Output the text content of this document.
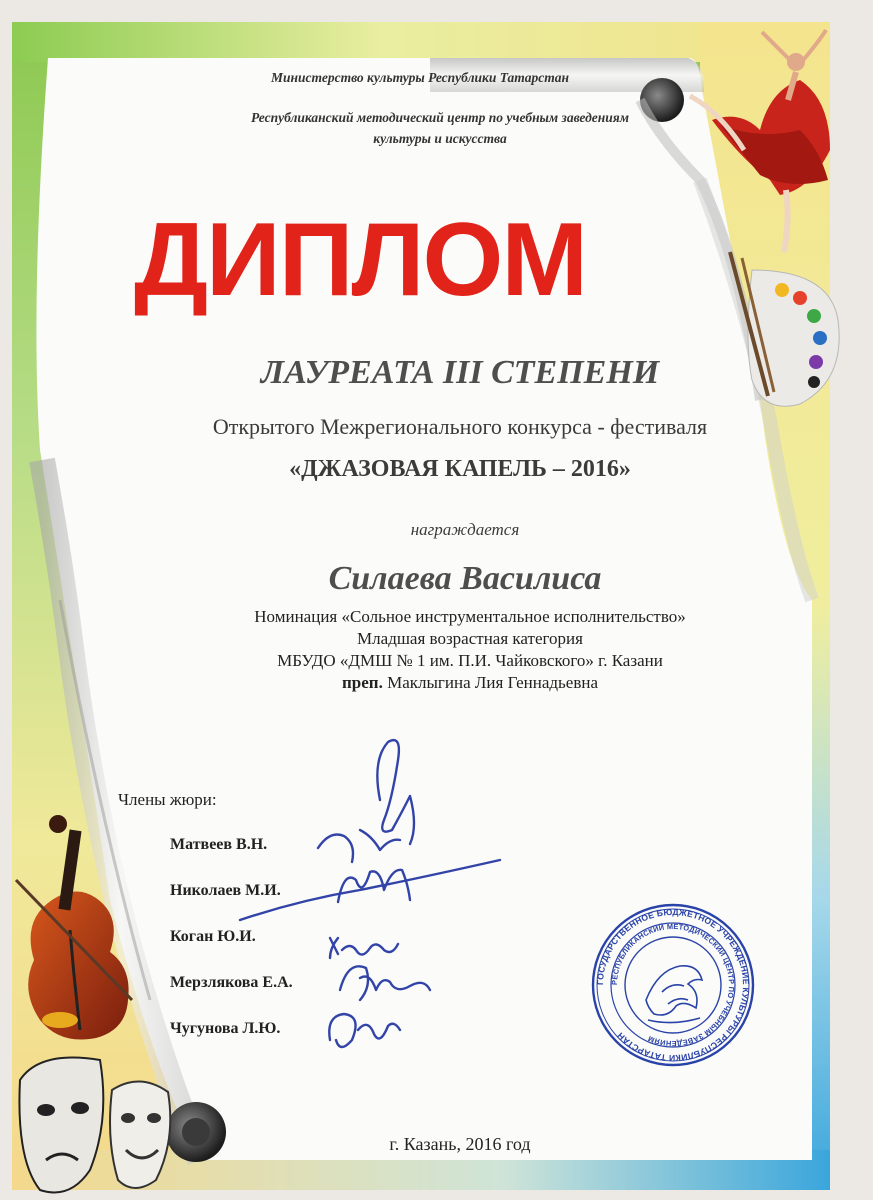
Министерство культуры Республики Татарстан
Республиканский методический центр по учебным заведениям
культуры и искусства
ДИПЛОМ
ЛАУРЕАТА III СТЕПЕНИ
Открытого Межрегионального конкурса - фестиваля
«ДЖАЗОВАЯ КАПЕЛЬ – 2016»
награждается
Силаева Василиса
Номинация «Сольное инструментальное исполнительство»
Младшая возрастная категория
МБУДО «ДМШ № 1 им. П.И. Чайковского» г. Казани
преп. Маклыгина Лия Геннадьевна
Члены жюри:
Матвеев В.Н.
Николаев М.И.
Коган Ю.И.
Мерзлякова Е.А.
Чугунова Л.Ю.
ГОСУДАРСТВЕННОЕ БЮДЖЕТНОЕ УЧРЕЖДЕНИЕ КУЛЬТУРЫ РЕСПУБЛИКИ ТАТАРСТАН
РЕСПУБЛИКАНСКИЙ МЕТОДИЧЕСКИЙ ЦЕНТР ПО УЧЕБНЫМ ЗАВЕДЕНИЯМ
г. Казань, 2016 год
